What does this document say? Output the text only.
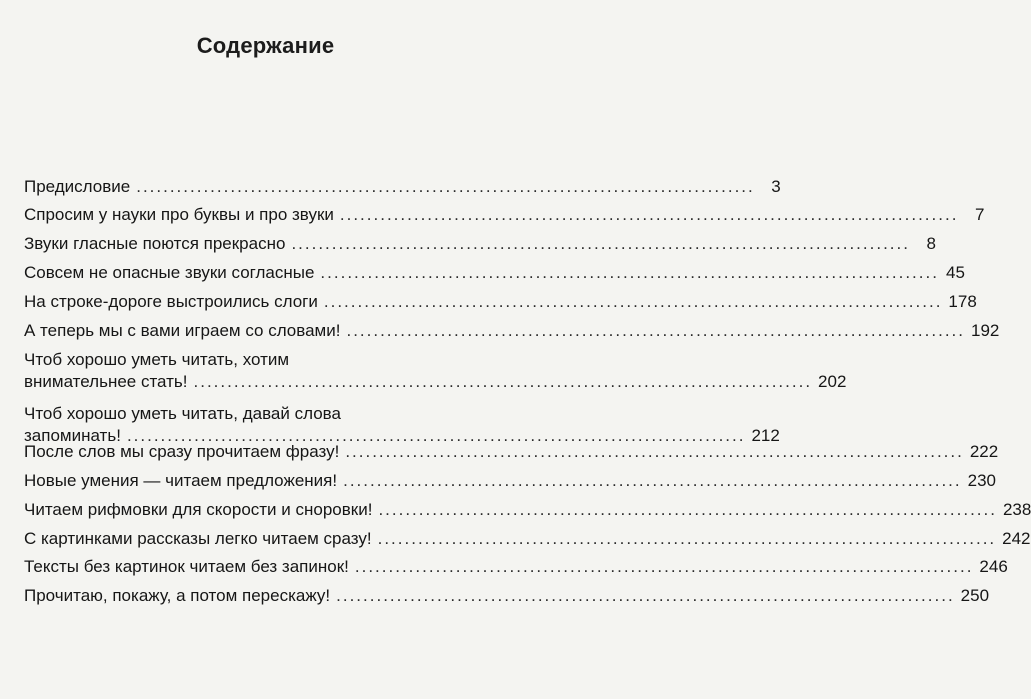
Содержание
Предисловие ............................................................................................ 3
Спросим у науки про буквы и про звуки ............................................................................................ 7
Звуки гласные поются прекрасно ............................................................................................ 8
Совсем не опасные звуки согласные ............................................................................................ 45
На строке-дороге выстроились слоги ............................................................................................ 178
А теперь мы с вами играем со словами! ............................................................................................ 192
Чтоб хорошо уметь читать, хотим
внимательнее стать! ............................................................................................ 202
Чтоб хорошо уметь читать, давай слова
запоминать! ............................................................................................ 212
После слов мы сразу прочитаем фразу! ............................................................................................ 222
Новые умения — читаем предложения! ............................................................................................ 230
Читаем рифмовки для скорости и сноровки! ............................................................................................ 238
С картинками рассказы легко читаем сразу! ............................................................................................ 242
Тексты без картинок читаем без запинок! ............................................................................................ 246
Прочитаю, покажу, а потом перескажу! ............................................................................................ 250
